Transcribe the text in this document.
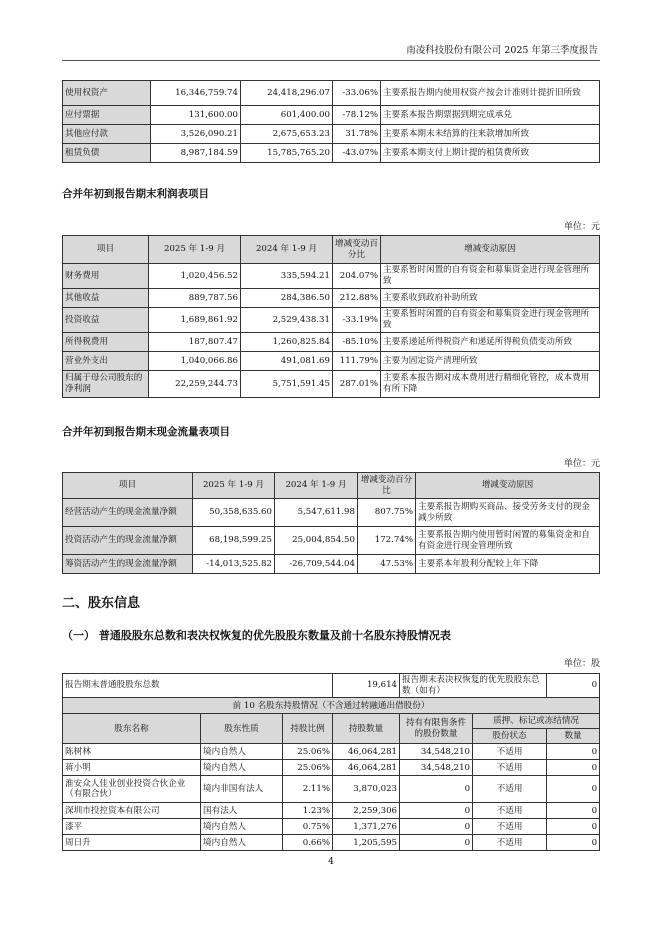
南凌科技股份有限公司 2025 年第三季度报告
使用权资产	16,346,759.74	24,418,296.07	-33.06%	主要系报告期内使用权资产按会计准则计提折旧所致
应付票据	131,600.00	601,400.00	-78.12%	主要系本报告期票据到期完成承兑
其他应付款	3,526,090.21	2,675,653.23	31.78%	主要系本期末未结算的往来款增加所致
租赁负债	8,987,184.59	15,785,765.20	-43.07%	主要系本期支付上期计提的租赁费所致
合并年初到报告期末利润表项目
单位：元
项目	2025 年 1-9 月	2024 年 1-9 月	增减变动百分比	增减变动原因
财务费用	1,020,456.52	335,594.21	204.07%	主要系暂时闲置的自有资金和募集资金进行现金管理所致
其他收益	889,787.56	284,386.50	212.88%	主要系收到政府补助所致
投资收益	1,689,861.92	2,529,438.31	-33.19%	主要系暂时闲置的自有资金和募集资金进行现金管理所致
所得税费用	187,807.47	1,260,825.84	-85.10%	主要系递延所得税资产和递延所得税负债变动所致
营业外支出	1,040,066.86	491,081.69	111.79%	主要为固定资产清理所致
归属于母公司股东的净利润	22,259,244.73	5,751,591.45	287.01%	主要系本报告期对成本费用进行精细化管控，成本费用有所下降
合并年初到报告期末现金流量表项目
单位：元
项目	2025 年 1-9 月	2024 年 1-9 月	增减变动百分比	增减变动原因
经营活动产生的现金流量净额	50,358,635.60	5,547,611.98	807.75%	主要系报告期购买商品、接受劳务支付的现金减少所致
投资活动产生的现金流量净额	68,198,599.25	25,004,854.50	172.74%	主要系报告期内使用暂时闲置的募集资金和自有资金进行现金管理所致
筹资活动产生的现金流量净额	-14,013,525.82	-26,709,544.04	47.53%	主要系本年股利分配较上年下降
二、股东信息
（一） 普通股股东总数和表决权恢复的优先股股东数量及前十名股东持股情况表
单位：股
报告期末普通股股东总数			19,614	报告期末表决权恢复的优先股股东总数（如有）		0
前 10 名股东持股情况（不含通过转融通出借股份）						
股东名称	股东性质	持股比例	持股数量	持有有限售条件的股份数量	质押、标记或冻结情况	
					股份状态	数量
陈树林	境内自然人	25.06%	46,064,281	34,548,210	不适用	0
蒋小明	境内自然人	25.06%	46,064,281	34,548,210	不适用	0
淮安众人佳业创业投资合伙企业（有限合伙）	境内非国有法人	2.11%	3,870,023	0	不适用	0
深圳市投控资本有限公司	国有法人	1.23%	2,259,306	0	不适用	0
漆平	境内自然人	0.75%	1,371,276	0	不适用	0
周日升	境内自然人	0.66%	1,205,595	0	不适用	0
4
